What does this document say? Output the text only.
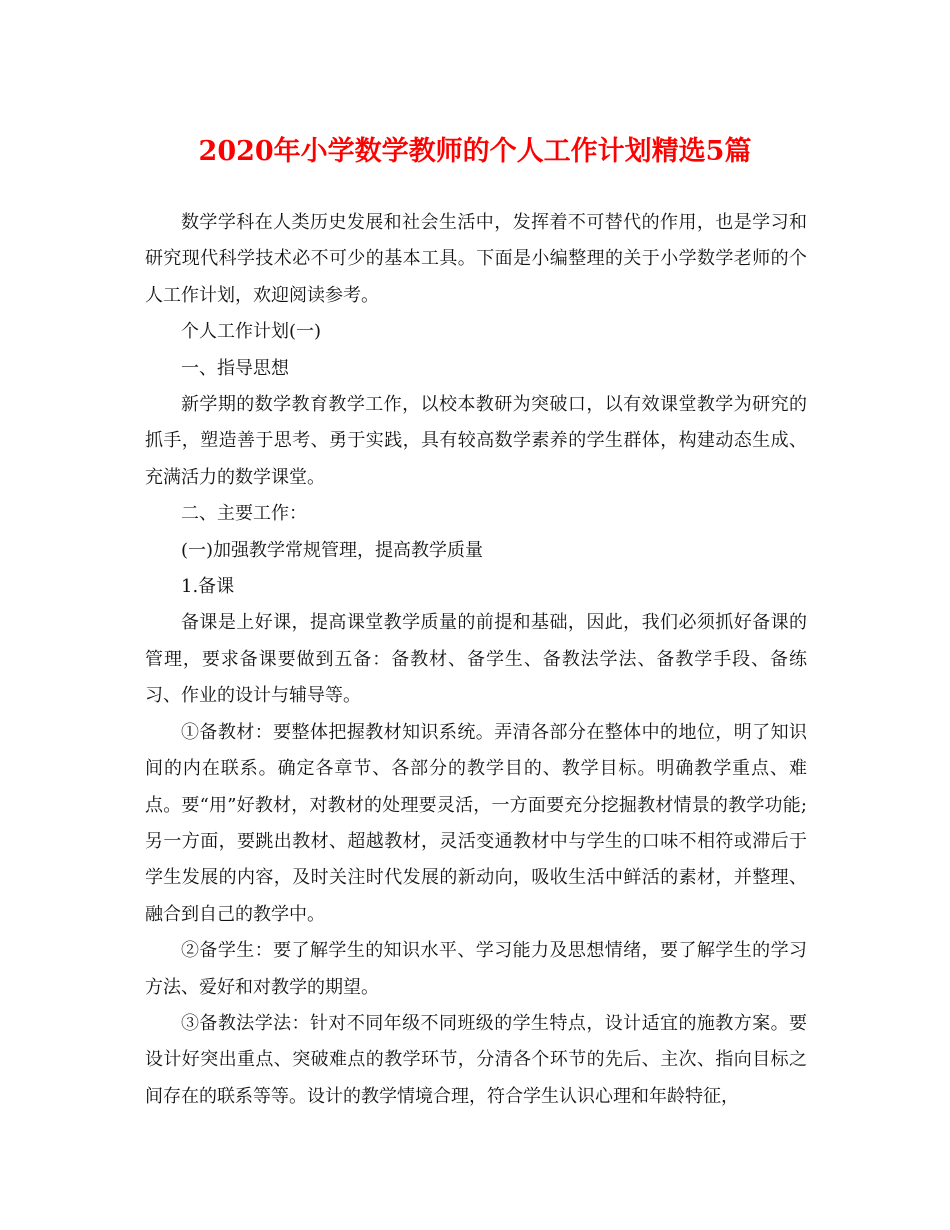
2020年小学数学教师的个人工作计划精选5篇

数学学科在人类历史发展和社会生活中，发挥着不可替代的作用，也是学习和研究现代科学技术必不可少的基本工具。下面是小编整理的关于小学数学老师的个人工作计划，欢迎阅读参考。

个人工作计划(一)

一、指导思想

新学期的数学教育教学工作，以校本教研为突破口，以有效课堂教学为研究的抓手，塑造善于思考、勇于实践，具有较高数学素养的学生群体，构建动态生成、充满活力的数学课堂。

二、主要工作：

(一)加强教学常规管理，提高教学质量

1.备课

备课是上好课，提高课堂教学质量的前提和基础，因此，我们必须抓好备课的管理，要求备课要做到五备：备教材、备学生、备教法学法、备教学手段、备练习、作业的设计与辅导等。

①备教材：要整体把握教材知识系统。弄清各部分在整体中的地位，明了知识间的内在联系。确定各章节、各部分的教学目的、教学目标。明确教学重点、难点。要“用”好教材，对教材的处理要灵活，一方面要充分挖掘教材情景的教学功能;另一方面，要跳出教材、超越教材，灵活变通教材中与学生的口味不相符或滞后于学生发展的内容，及时关注时代发展的新动向，吸收生活中鲜活的素材，并整理、融合到自己的教学中。

②备学生：要了解学生的知识水平、学习能力及思想情绪，要了解学生的学习方法、爱好和对教学的期望。

③备教法学法：针对不同年级不同班级的学生特点，设计适宜的施教方案。要设计好突出重点、突破难点的教学环节，分清各个环节的先后、主次、指向目标之间存在的联系等等。设计的教学情境合理，符合学生认识心理和年龄特征，
